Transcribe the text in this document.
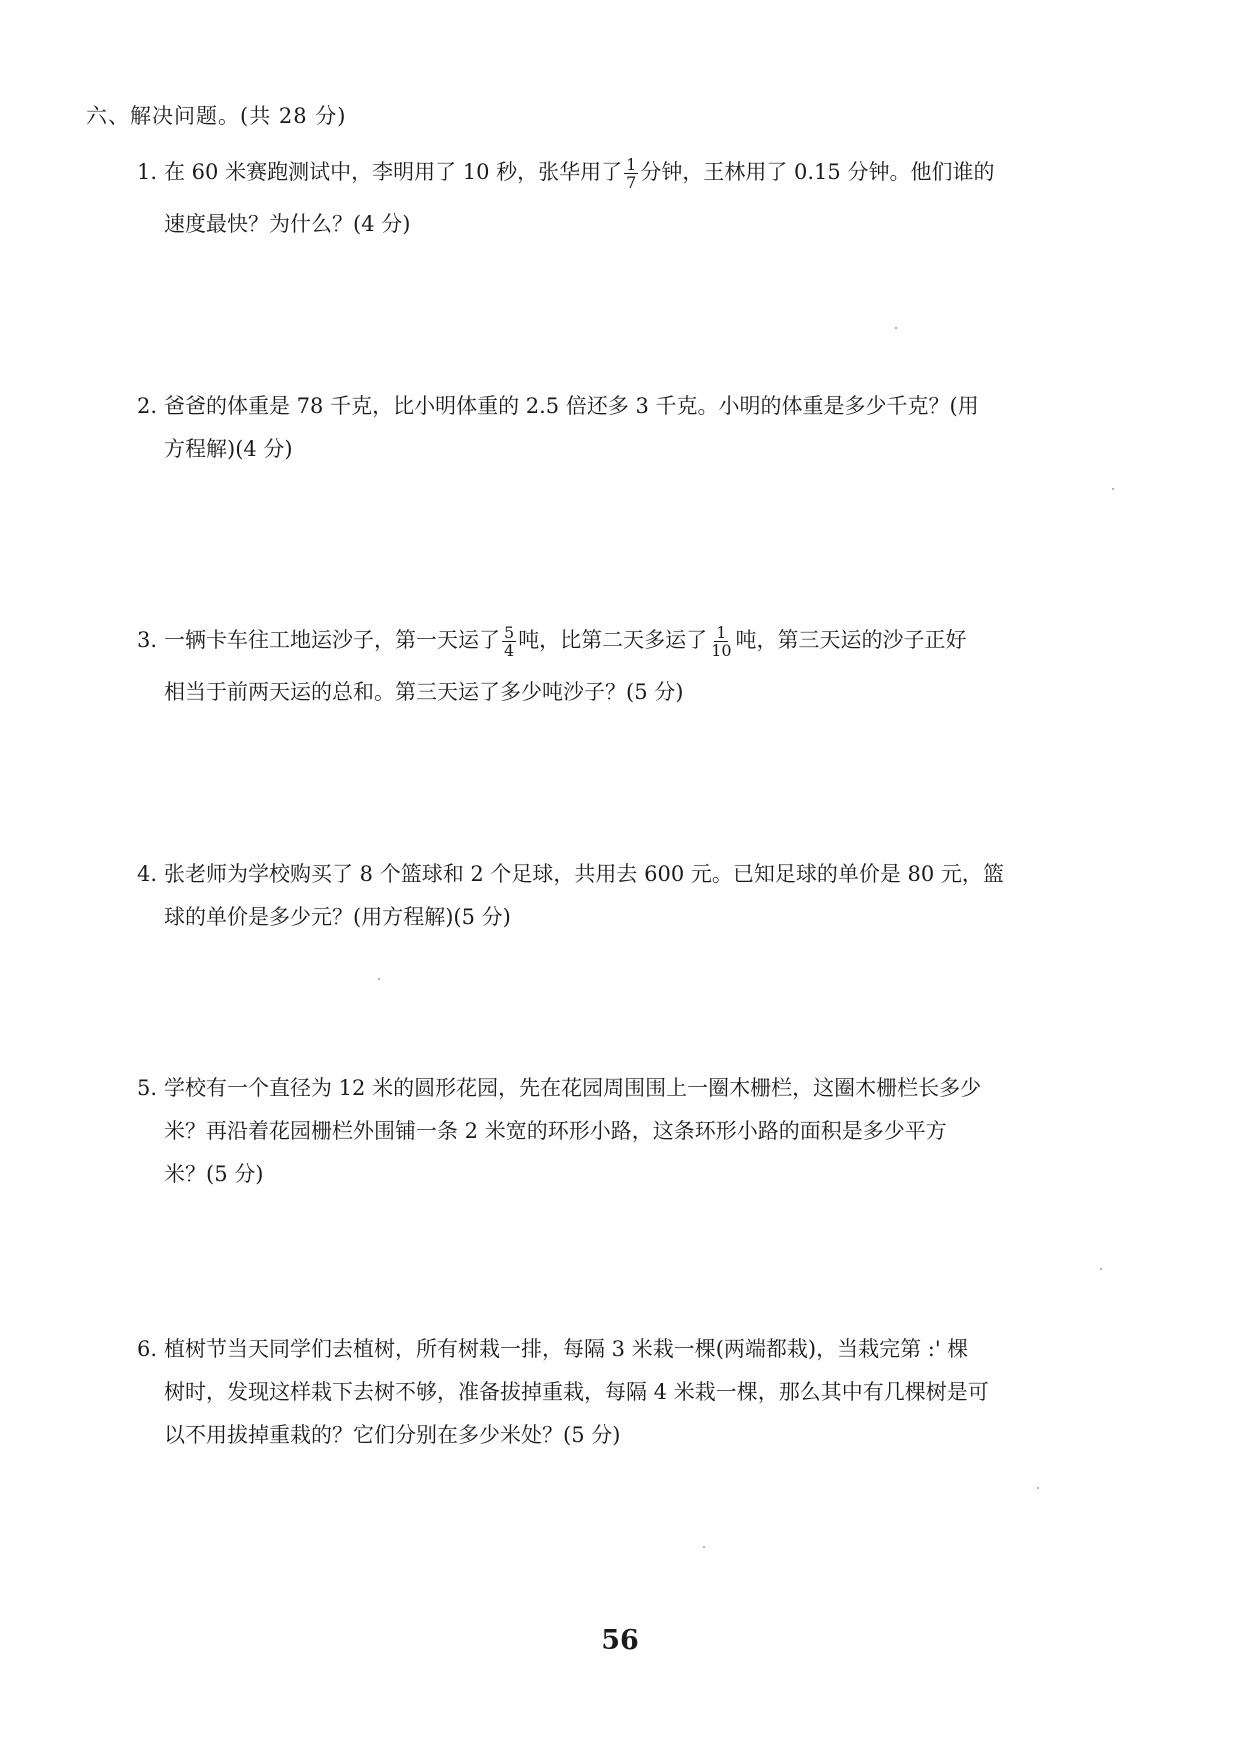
六、解决问题。(共 28 分)
1. 在 60 米赛跑测试中，李明用了 10 秒，张华用了 $\frac{1}{7}$ 分钟，王林用了 0.15 分钟。他们谁的
速度最快？为什么？(4 分)
2. 爸爸的体重是 78 千克，比小明体重的 2.5 倍还多 3 千克。小明的体重是多少千克？(用
方程解)(4 分)
3. 一辆卡车往工地运沙子，第一天运了 $\frac{5}{4}$ 吨，比第二天多运了 $\frac{1}{10}$ 吨，第三天运的沙子正好
相当于前两天运的总和。第三天运了多少吨沙子？(5 分)
4. 张老师为学校购买了 8 个篮球和 2 个足球，共用去 600 元。已知足球的单价是 80 元，篮
球的单价是多少元？(用方程解)(5 分)
5. 学校有一个直径为 12 米的圆形花园，先在花园周围围上一圈木栅栏，这圈木栅栏长多少
米？再沿着花园栅栏外围铺一条 2 米宽的环形小路，这条环形小路的面积是多少平方
米？(5 分)
6. 植树节当天同学们去植树，所有树栽一排，每隔 3 米栽一棵(两端都栽)，当栽完第 :' 棵
树时，发现这样栽下去树不够，准备拔掉重栽，每隔 4 米栽一棵，那么其中有几棵树是可
以不用拔掉重栽的？它们分别在多少米处？(5 分)
56
